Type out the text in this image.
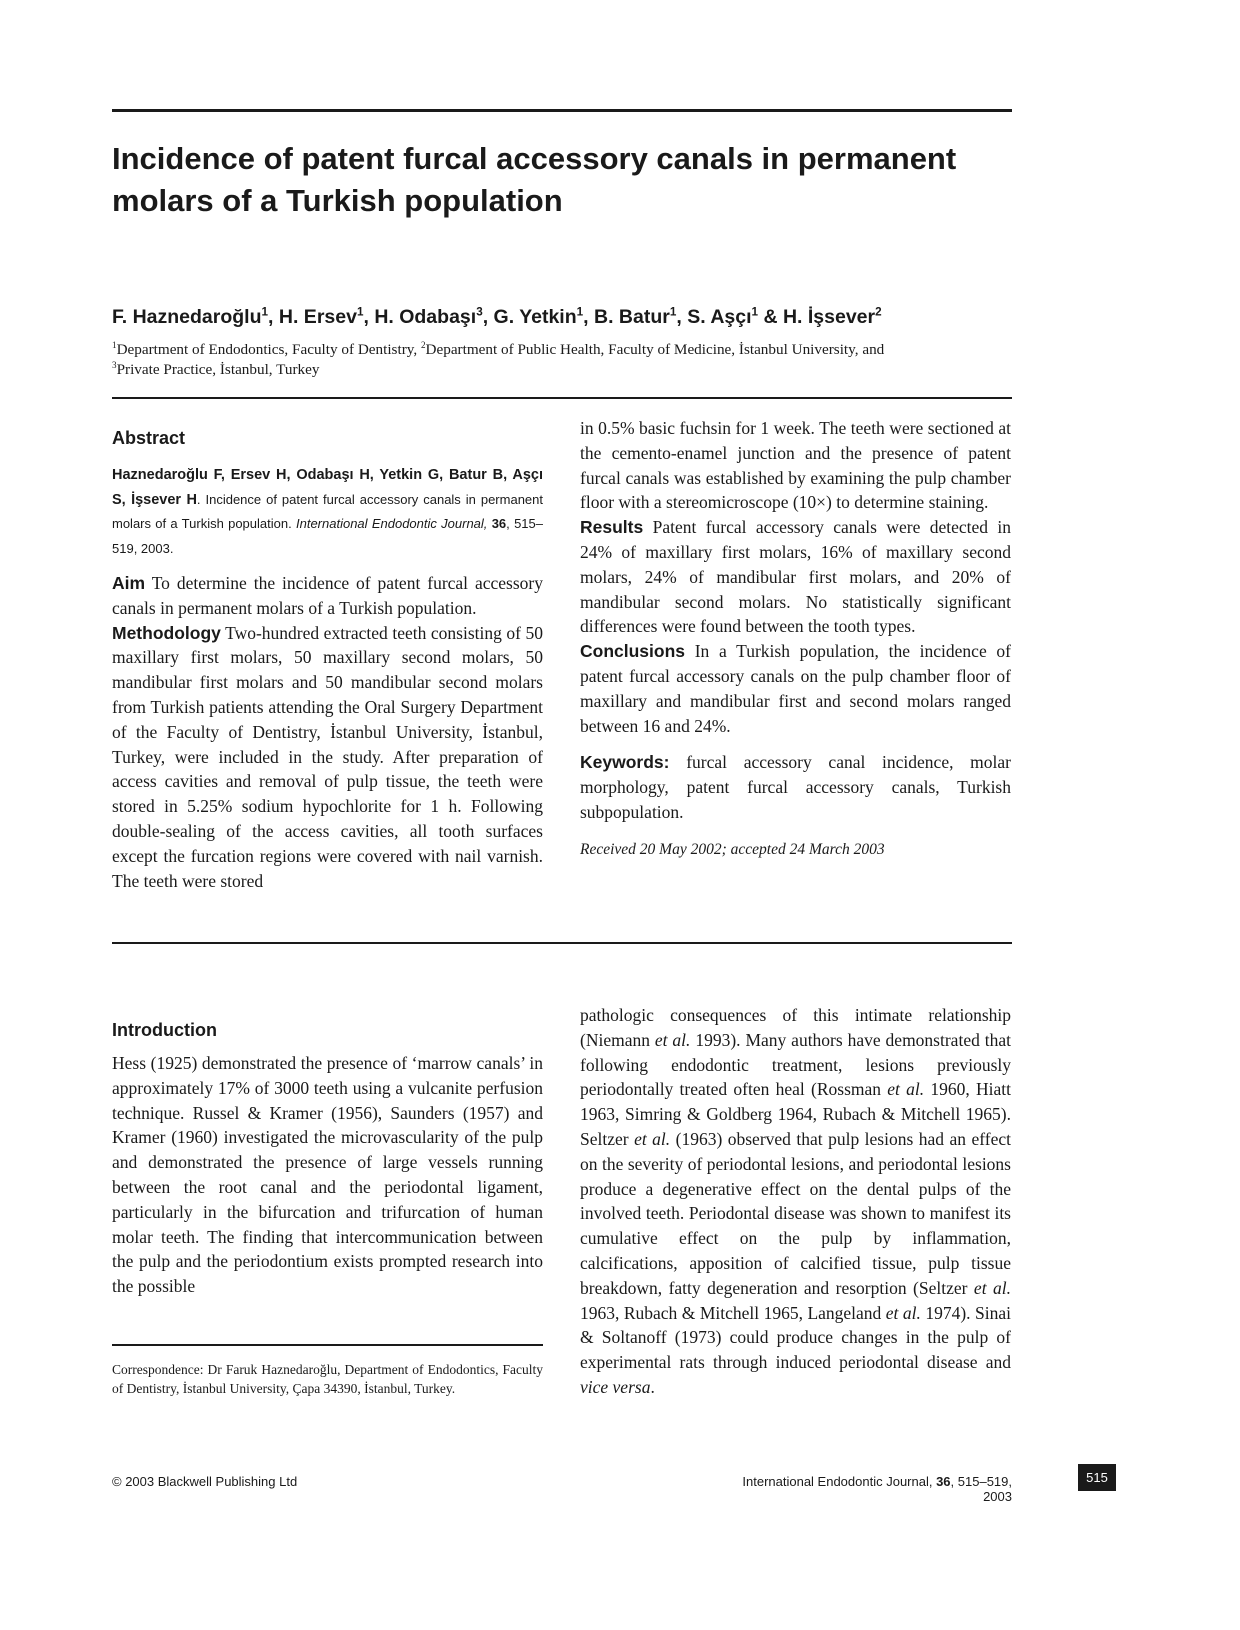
Incidence of patent furcal accessory canals in permanent molars of a Turkish population

F. Haznedaroğlu$^1$, H. Ersev$^1$, H. Odabaşı$^3$, G. Yetkin$^1$, B. Batur$^1$, S. Aşçı$^1$ & H. İşsever$^2$

$^1$Department of Endodontics, Faculty of Dentistry, $^2$Department of Public Health, Faculty of Medicine, İstanbul University, and
$^3$Private Practice, İstanbul, Turkey

Abstract

Haznedaroğlu F, Ersev H, Odabaşı H, Yetkin G, Batur B, Aşçı S, İşsever H. Incidence of patent furcal accessory canals in permanent molars of a Turkish population. International Endodontic Journal, 36, 515–519, 2003.

Aim To determine the incidence of patent furcal accessory canals in permanent molars of a Turkish population.

Methodology Two-hundred extracted teeth consisting of 50 maxillary first molars, 50 maxillary second molars, 50 mandibular first molars and 50 mandibular second molars from Turkish patients attending the Oral Surgery Department of the Faculty of Dentistry, İstanbul University, İstanbul, Turkey, were included in the study. After preparation of access cavities and removal of pulp tissue, the teeth were stored in 5.25% sodium hypochlorite for 1 h. Following double-sealing of the access cavities, all tooth surfaces except the furcation regions were covered with nail varnish. The teeth were stored

in 0.5% basic fuchsin for 1 week. The teeth were sectioned at the cemento-enamel junction and the presence of patent furcal canals was established by examining the pulp chamber floor with a stereomicroscope (10×) to determine staining.

Results Patent furcal accessory canals were detected in 24% of maxillary first molars, 16% of maxillary second molars, 24% of mandibular first molars, and 20% of mandibular second molars. No statistically significant differences were found between the tooth types.

Conclusions In a Turkish population, the incidence of patent furcal accessory canals on the pulp chamber floor of maxillary and mandibular first and second molars ranged between 16 and 24%.

Keywords: furcal accessory canal incidence, molar morphology, patent furcal accessory canals, Turkish subpopulation.

Received 20 May 2002; accepted 24 March 2003

Introduction

Hess (1925) demonstrated the presence of ‘marrow canals’ in approximately 17% of 3000 teeth using a vulcanite perfusion technique. Russel & Kramer (1956), Saunders (1957) and Kramer (1960) investigated the microvascularity of the pulp and demonstrated the presence of large vessels running between the root canal and the periodontal ligament, particularly in the bifurcation and trifurcation of human molar teeth. The finding that intercommunication between the pulp and the periodontium exists prompted research into the possible

Correspondence: Dr Faruk Haznedaroğlu, Department of Endodontics, Faculty of Dentistry, İstanbul University, Çapa 34390, İstanbul, Turkey.

pathologic consequences of this intimate relationship (Niemann et al. 1993). Many authors have demonstrated that following endodontic treatment, lesions previously periodontally treated often heal (Rossman et al. 1960, Hiatt 1963, Simring & Goldberg 1964, Rubach & Mitchell 1965). Seltzer et al. (1963) observed that pulp lesions had an effect on the severity of periodontal lesions, and periodontal lesions produce a degenerative effect on the dental pulps of the involved teeth. Periodontal disease was shown to manifest its cumulative effect on the pulp by inflammation, calcifications, apposition of calcified tissue, pulp tissue breakdown, fatty degeneration and resorption (Seltzer et al. 1963, Rubach & Mitchell 1965, Langeland et al. 1974). Sinai & Soltanoff (1973) could produce changes in the pulp of experimental rats through induced periodontal disease and vice versa.

© 2003 Blackwell Publishing Ltd	International Endodontic Journal, 36, 515–519, 2003
515
